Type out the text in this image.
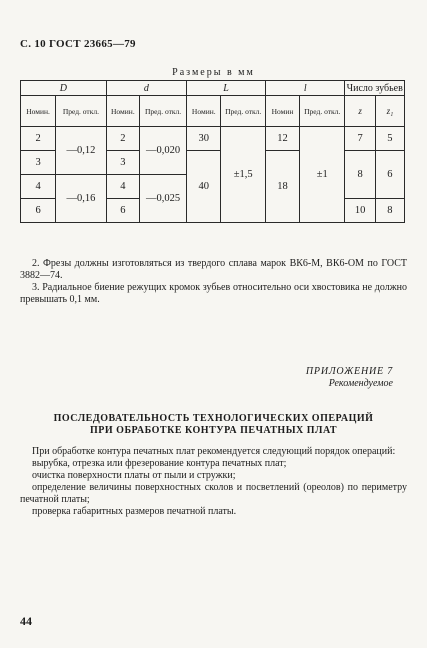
С. 10 ГОСТ 23665—79
Размеры в мм
D		d		L		l		Число зубьев	
Номин.	Пред. откл.	Номин.	Пред. откл.	Номин.	Пред. откл.	Номин	Пред. откл.	z	z₁
2	—0,12	2	—0,020	30	±1,5	12	±1	7	5
3		3		40		18		8	6
4	—0,16	4	—0,025						
6		6						10	8

2. Фрезы должны изготовляться из твердого сплава марок ВК6-М, ВК6-ОМ по ГОСТ 3882—74.

3. Радиальное биение режущих кромок зубьев относительно оси хвостовика не должно превышать 0,1 мм.

ПРИЛОЖЕНИЕ 7
Рекомендуемое
ПОСЛЕДОВАТЕЛЬНОСТЬ ТЕХНОЛОГИЧЕСКИХ ОПЕРАЦИЙ
ПРИ ОБРАБОТКЕ КОНТУРА ПЕЧАТНЫХ ПЛАТ

При обработке контура печатных плат рекомендуется следующий порядок операций:

вырубка, отрезка или фрезерование контура печатных плат;

очистка поверхности платы от пыли и стружки;

определение величины поверхностных сколов и посветлений (ореолов) по периметру печатной платы;

проверка габаритных размеров печатной платы.

44
